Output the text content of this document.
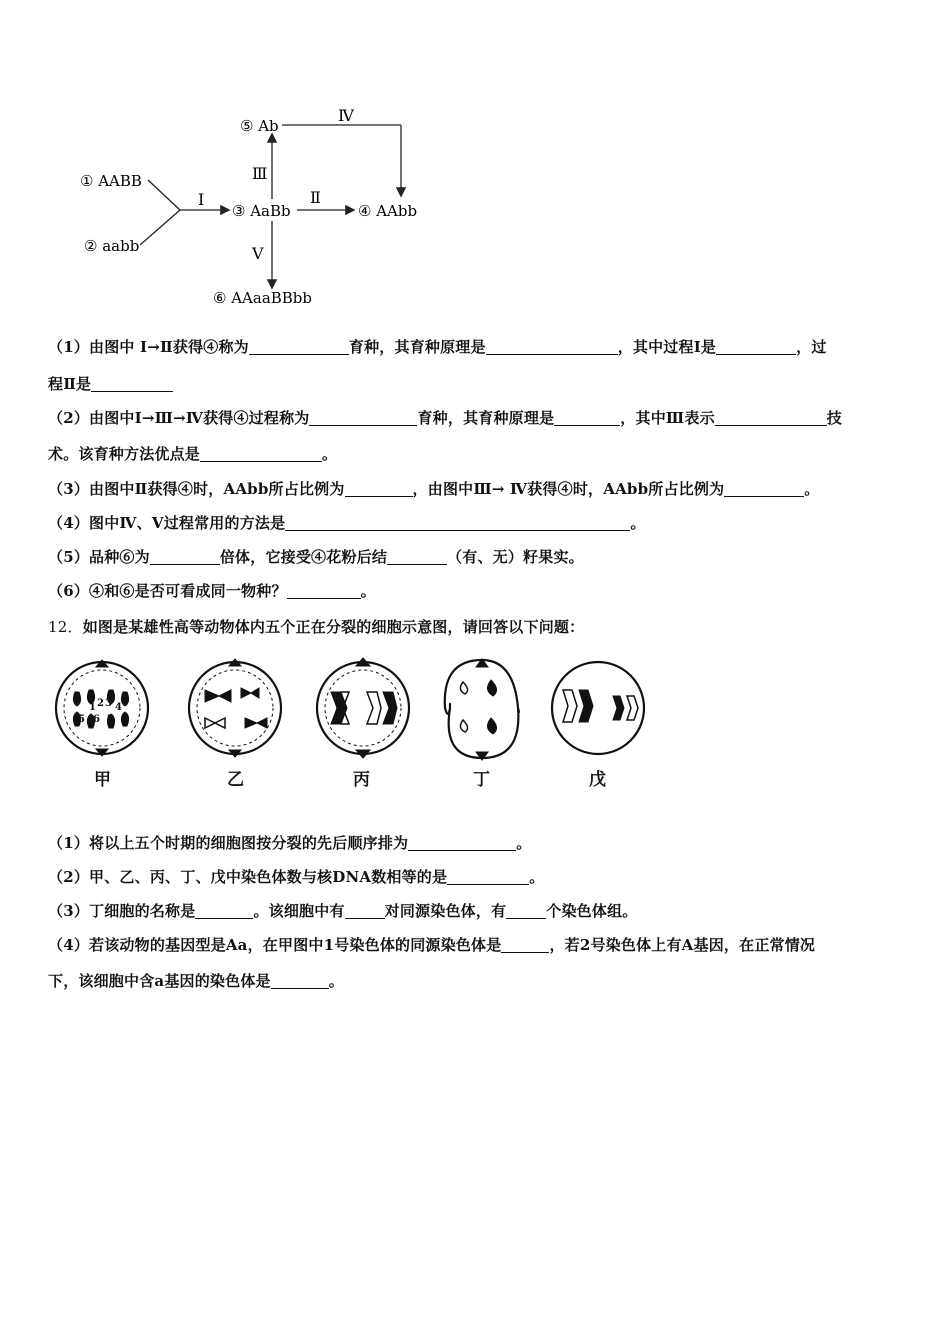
① AABB
② aabb
Ⅰ
③ AaBb
Ⅱ
④ AAbb
Ⅲ
⑤ Ab
Ⅳ
Ⅴ
⑥ AAaaBBbb
（1）由图中 Ⅰ→Ⅱ获得④称为	育种，其育种原理是	，其中过程Ⅰ是	，过
程Ⅱ是
（2）由图中Ⅰ→Ⅲ→Ⅳ获得④过程称为	育种，其育种原理是	，其中Ⅲ表示	技
术。该育种方法优点是	。
（3）由图中Ⅱ获得④时，AAbb所占比例为	，由图中Ⅲ→ Ⅳ获得④时，AAbb所占比例为	。
（4）图中Ⅳ、Ⅴ过程常用的方法是	。
（5）品种⑥为	倍体，它接受④花粉后结	（有、无）籽果实。
（6）④和⑥是否可看成同一物种？	。
12．如图是某雄性高等动物体内五个正在分裂的细胞示意图，请回答以下问题：
1 2 3 4
5 6 7 8
甲	乙	丙	丁	戊
（1）将以上五个时期的细胞图按分裂的先后顺序排为	。
（2）甲、乙、丙、丁、戊中染色体数与核DNA数相等的是	。
（3）丁细胞的名称是	。该细胞中有	对同源染色体，有	个染色体组。
（4）若该动物的基因型是Aa，在甲图中1号染色体的同源染色体是	，若2号染色体上有A基因，在正常情况
下，该细胞中含a基因的染色体是	。
